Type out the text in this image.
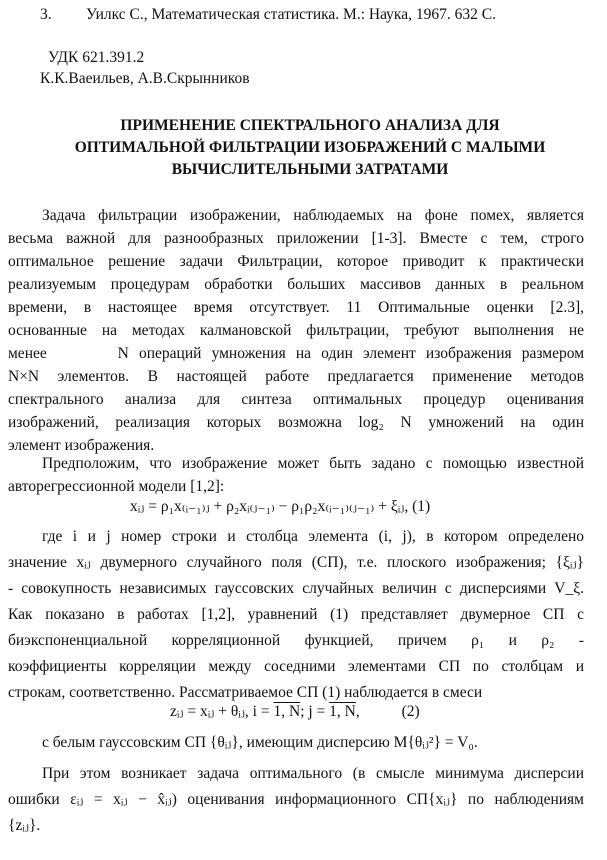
3. Уилкс С., Математическая статистика. М.: Наука, 1967. 632 С.
УДК 621.391.2
К.К.Ваеильев, А.В.Скрынников
ПРИМЕНЕНИЕ СПЕКТРАЛЬНОГО АНАЛИЗА ДЛЯ
ОПТИМАЛЬНОЙ ФИЛЬТРАЦИИ ИЗОБРАЖЕНИЙ С МАЛЫМИ
ВЫЧИСЛИТЕЛЬНЫМИ ЗАТРАТАМИ
Задача фильтрации изображении, наблюдаемых на фоне помех, является
весьма важной для разнообразных приложении [1-3]. Вместе с тем, строго
оптимальное решение задачи Фильтрации, которое приводит к практически
реализуемым процедурам обработки больших массивов данных в реальном
времени, в настоящее время отсутствует. 11 Оптимальные оценки [2.3],
основанные на методах калмановской фильтрации, требуют выполнения не
менее       N операций умножения на один элемент изображения размером
N×N элементов. В настоящей работе предлагается применение методов
спектрального анализа для синтеза оптимальных процедур оценивания
изображений, реализация которых возможна log₂ N умножений на один
элемент изображения.
Предположим, что изображение может быть задано с помощью известной
авторегрессионной модели [1,2]:
xᵢⱼ = ρ₁x₍ᵢ₋₁₎ⱼ + ρ₂xᵢ₍ⱼ₋₁₎ − ρ₁ρ₂x₍ᵢ₋₁₎₍ⱼ₋₁₎ + ξᵢⱼ, (1)
где i и j номер строки и столбца элемента (i, j), в котором определено
значение xᵢⱼ двумерного случайного поля (СП), т.е. плоского изображения; {ξᵢⱼ}
- совокупность независимых гауссовских случайных величин с дисперсиями V_ξ.
Как показано в работах [1,2], уравнений (1) представляет двумерное СП с
биэкспоненциальной корреляционной функцией, причем ρ₁ и ρ₂ -
коэффициенты корреляции между соседними элементами СП по столбцам и
строкам, соответственно. Рассматриваемое СП (1) наблюдается в смеси
zᵢⱼ = xᵢⱼ + θᵢⱼ, i = 1, N; j = 1, N,	(2)
с белым гауссовским СП {θᵢⱼ}, имеющим дисперсию M{θᵢⱼ²} = V₀.
При этом возникает задача оптимального (в смысле минимума дисперсии
ошибки εᵢⱼ = xᵢⱼ − x̂ᵢⱼ) оценивания информационного СП{xᵢⱼ} по наблюдениям
{zᵢⱼ}.
